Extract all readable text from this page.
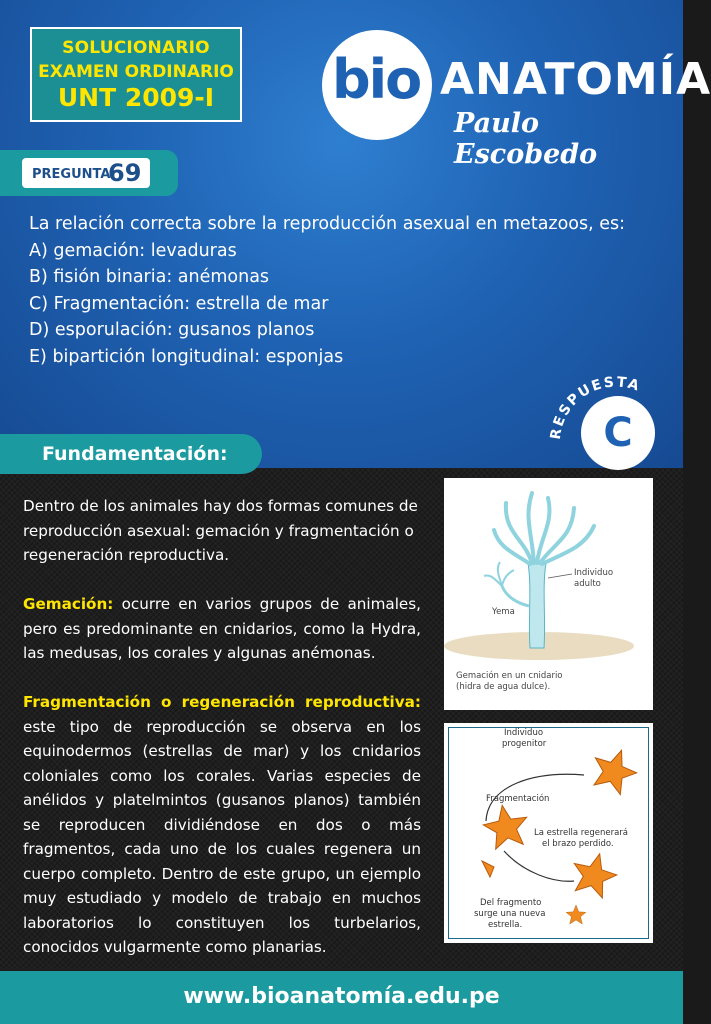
SOLUCIONARIO
EXAMEN ORDINARIO
UNT 2009-I	bio ANATOMÍA
Paulo Escobedo
PREGUNTA
69
La relación correcta sobre la reproducción asexual en metazoos, es:
A) gemación: levaduras
B) fisión binaria: anémonas
C) Fragmentación: estrella de mar
D) esporulación: gusanos planos
E) bipartición longitudinal: esponjas
RESPUESTA
C
Fundamentación:

Dentro de los animales hay dos formas comunes de reproducción asexual: gemación y fragmentación o regeneración reproductiva.

Gemación: ocurre en varios grupos de animales, pero es predominante en cnidarios, como la Hydra, las medusas, los corales y algunas anémonas.

Fragmentación o regeneración reproductiva: este tipo de reproducción se observa en los equinodermos (estrellas de mar) y los cnidarios coloniales como los corales. Varias especies de anélidos y platelmintos (gusanos planos) también se reproducen dividiéndose en dos o más fragmentos, cada uno de los cuales regenera un cuerpo completo. Dentro de este grupo, un ejemplo muy estudiado y modelo de trabajo en muchos laboratorios lo constituyen los turbelarios, conocidos vulgarmente como planarias.

Individuo
adulto
Yema
Gemación en un cnidario
(hidra de agua dulce).
Individuo
progenitor
Fragmentación
La estrella regenerará
el brazo perdido.
Del fragmento
surge una nueva
estrella.
www.bioanatomía.edu.pe
